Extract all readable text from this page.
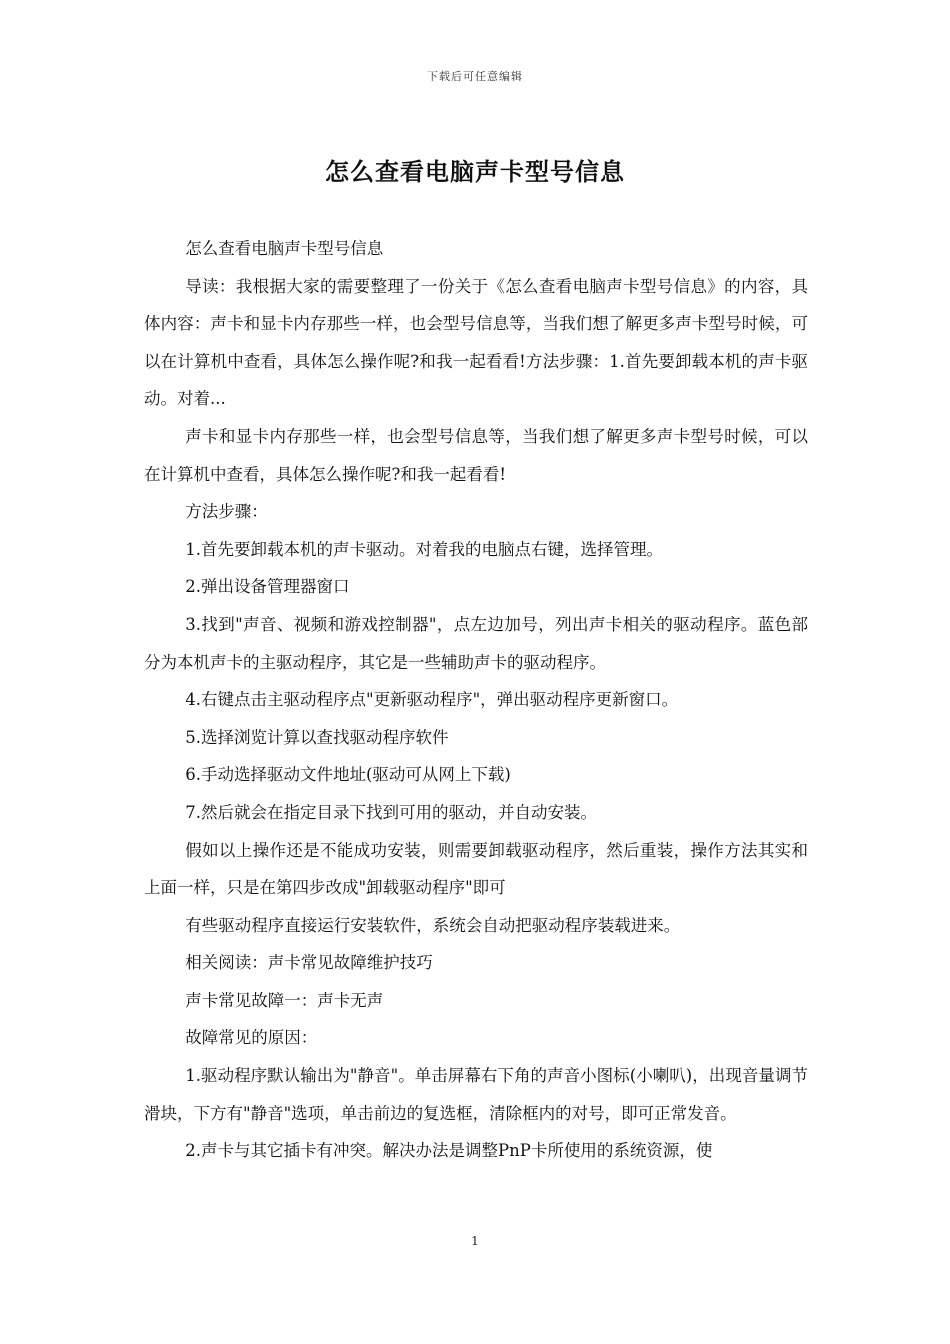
下载后可任意编辑
怎么查看电脑声卡型号信息

怎么查看电脑声卡型号信息

导读：我根据大家的需要整理了一份关于《怎么查看电脑声卡型号信息》的内容，具体内容：声卡和显卡内存那些一样，也会型号信息等，当我们想了解更多声卡型号时候，可以在计算机中查看，具体怎么操作呢?和我一起看看!方法步骤：1.首先要卸载本机的声卡驱动。对着...

声卡和显卡内存那些一样，也会型号信息等，当我们想了解更多声卡型号时候，可以在计算机中查看，具体怎么操作呢?和我一起看看!

方法步骤：

1.首先要卸载本机的声卡驱动。对着我的电脑点右键，选择管理。

2.弹出设备管理器窗口

3.找到"声音、视频和游戏控制器"，点左边加号，列出声卡相关的驱动程序。蓝色部分为本机声卡的主驱动程序，其它是一些辅助声卡的驱动程序。

4.右键点击主驱动程序点"更新驱动程序"，弹出驱动程序更新窗口。

5.选择浏览计算以查找驱动程序软件

6.手动选择驱动文件地址(驱动可从网上下载)

7.然后就会在指定目录下找到可用的驱动，并自动安装。

假如以上操作还是不能成功安装，则需要卸载驱动程序，然后重装，操作方法其实和上面一样，只是在第四步改成"卸载驱动程序"即可

有些驱动程序直接运行安装软件，系统会自动把驱动程序装载进来。

相关阅读：声卡常见故障维护技巧

声卡常见故障一：声卡无声

故障常见的原因：

1.驱动程序默认输出为"静音"。单击屏幕右下角的声音小图标(小喇叭)，出现音量调节滑块，下方有"静音"选项，单击前边的复选框，清除框内的对号，即可正常发音。

2.声卡与其它插卡有冲突。解决办法是调整PnP卡所使用的系统资源，使

1
